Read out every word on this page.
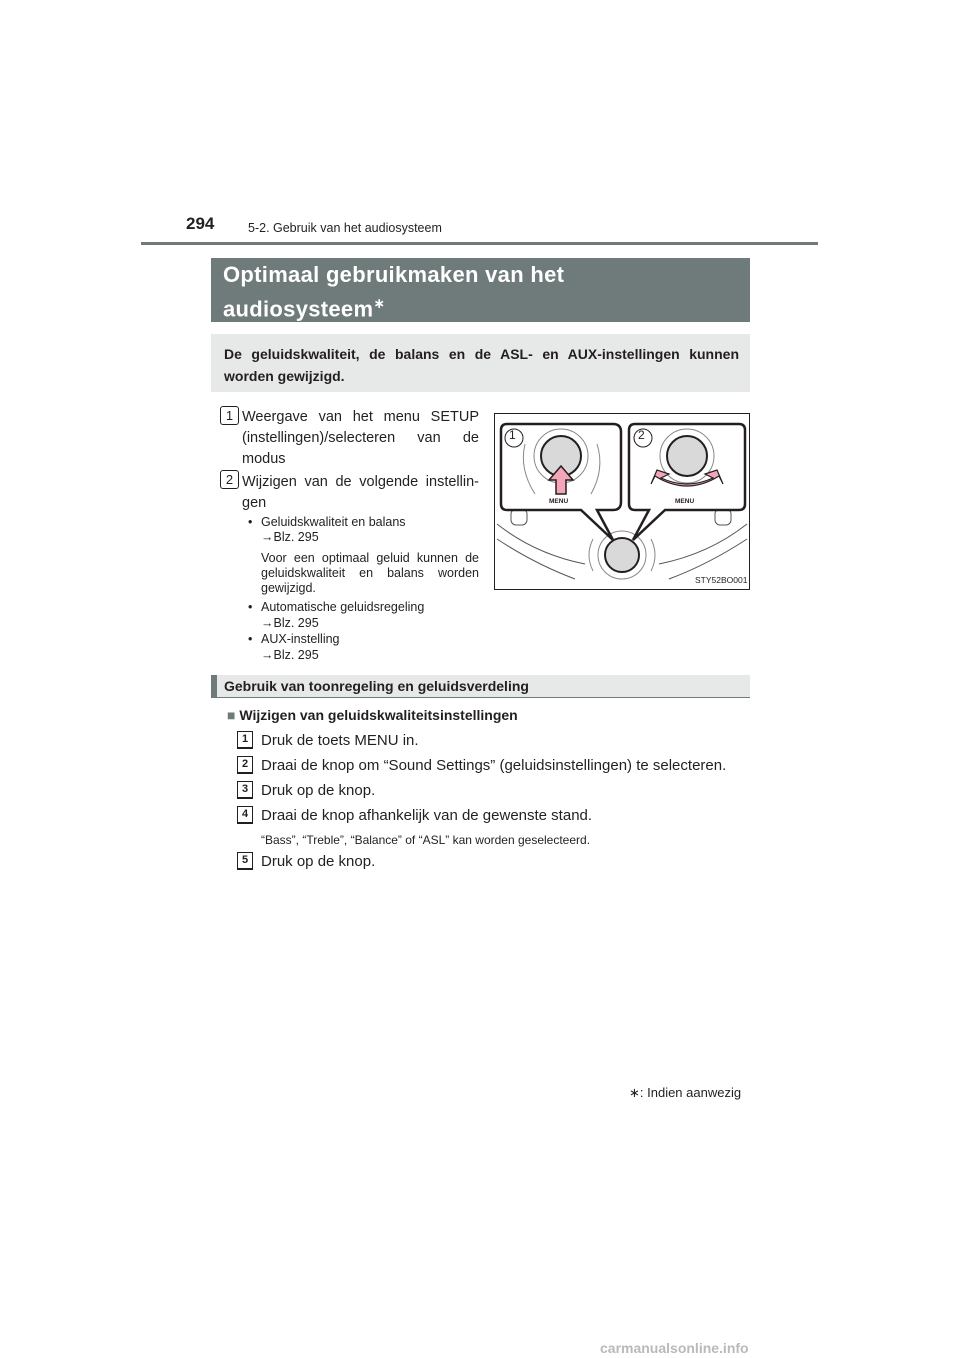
294	5-2. Gebruik van het audiosysteem
Optimaal gebruikmaken van het
audiosysteem∗
De geluidskwaliteit, de balans en de ASL- en AUX-instellingen kunnen worden gewijzigd.
1 Weergave van het menu SETUP (instellingen)/selecteren van de modus
2 Wijzigen van de volgende instellin-gen
• Geluidskwaliteit en balans
→Blz. 295
Voor een optimaal geluid kunnen de geluidskwaliteit en balans worden gewijzigd.
• Automatische geluidsregeling
→Blz. 295
• AUX-instelling
→Blz. 295
1	2
MENU	MENU
STY52BO001
Gebruik van toonregeling en geluidsverdeling
■ Wijzigen van geluidskwaliteitsinstellingen
1 Druk de toets MENU in.
2 Draai de knop om “Sound Settings” (geluidsinstellingen) te selecteren.
3 Druk op de knop.
4 Draai de knop afhankelijk van de gewenste stand.
“Bass”, “Treble”, “Balance” of “ASL” kan worden geselecteerd.
5 Druk op de knop.
∗: Indien aanwezig
carmanualsonline.info
